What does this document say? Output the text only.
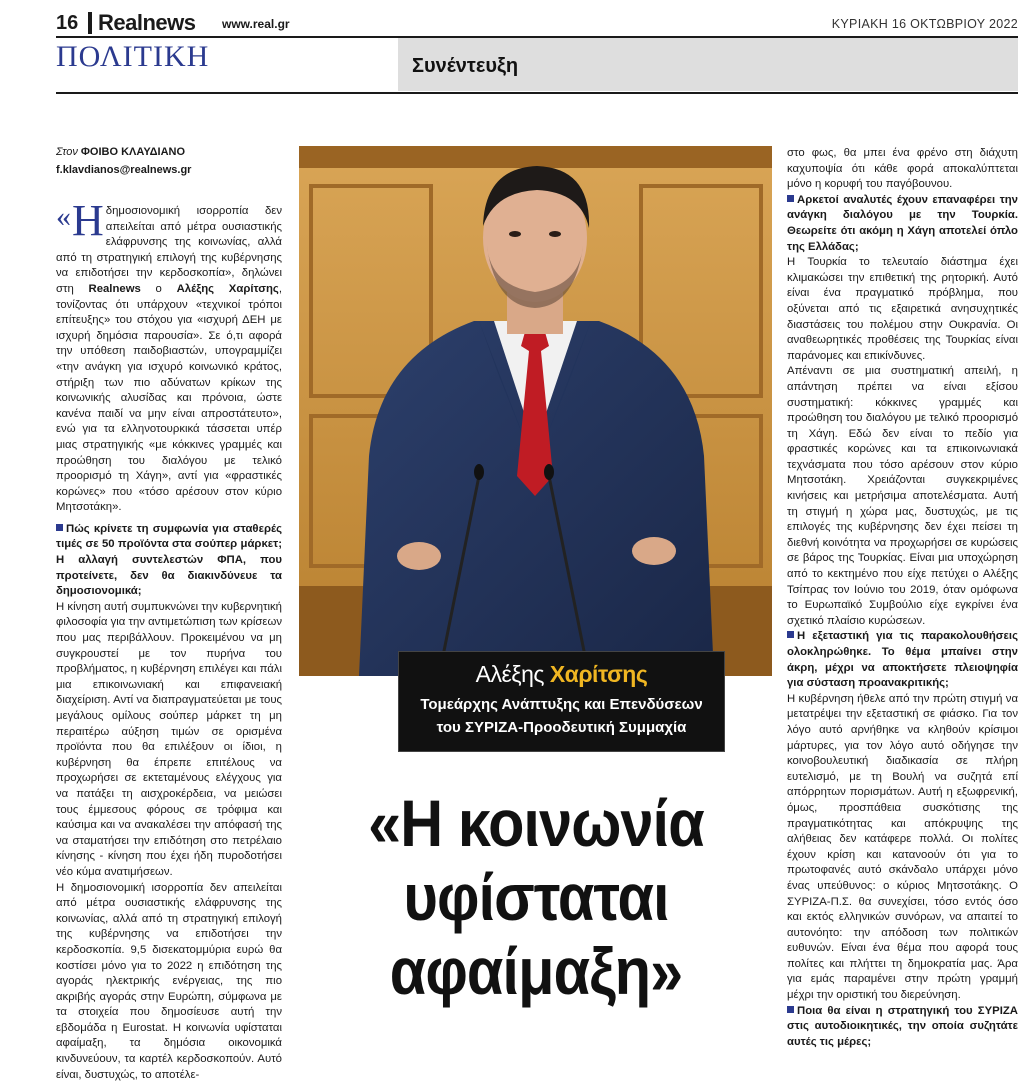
16 Realnews www.real.gr	ΚΥΡΙΑΚΗ 16 ΟΚΤΩΒΡΙΟΥ 2022
ΠΟΛΙΤΙΚΗ	Συνέντευξη
Στον ΦΟΙΒΟ ΚΛΑΥΔΙΑΝΟ
f.klavdianos@realnews.gr

« Η δημοσιονομική ισορροπία δεν απειλείται από μέτρα ουσιαστικής ελάφρυνσης της κοινωνίας, αλλά από τη στρατηγική επιλογή της κυβέρνησης να επιδοτήσει την κερδοσκοπία», δηλώνει στη Realnews ο Αλέξης Χαρίτσης, τονίζοντας ότι υπάρχουν «τεχνικοί τρόποι επίτευξης» του στόχου για «ισχυρή ΔΕΗ με ισχυρή δημόσια παρουσία». Σε ό,τι αφορά την υπόθεση παιδοβιαστών, υπογραμμίζει «την ανάγκη για ισχυρό κοινωνικό κράτος, στήριξη των πιο αδύνατων κρίκων της κοινωνικής αλυσίδας και πρόνοια, ώστε κανένα παιδί να μην είναι απροστάτευτο», ενώ για τα ελληνοτουρκικά τάσσεται υπέρ μιας στρατηγικής «με κόκκινες γραμμές και προώθηση του διαλόγου με τελικό προορισμό τη Χάγη», αντί για «φραστικές κορώνες» που «τόσο αρέσουν στον κύριο Μητσοτάκη».

Πώς κρίνετε τη συμφωνία για σταθερές τιμές σε 50 προϊόντα στα σούπερ μάρκετ; Η αλλαγή συντελεστών ΦΠΑ, που προτείνετε, δεν θα διακινδύνευε τα δημοσιονομικά;

Η κίνηση αυτή συμπυκνώνει την κυβερνητική φιλοσοφία για την αντιμετώπιση των κρίσεων που μας περιβάλλουν. Προκειμένου να μη συγκρουστεί με τον πυρήνα του προβλήματος, η κυβέρνηση επιλέγει και πάλι μια επικοινωνιακή και επιφανειακή διαχείριση. Αντί να διαπραγματεύεται με τους μεγάλους ομίλους σούπερ μάρκετ τη μη περαιτέρω αύξηση τιμών σε ορισμένα προϊόντα που θα επιλέξουν οι ίδιοι, η κυβέρνηση θα έπρεπε επιτέλους να προχωρήσει σε εκτεταμένους ελέγχους για να πατάξει τη αισχροκέρδεια, να μειώσει τους έμμεσους φόρους σε τρόφιμα και καύσιμα και να ανακαλέσει την απόφασή της να σταματήσει την επιδότηση στο πετρέλαιο κίνησης - κίνηση που έχει ήδη πυροδοτήσει νέο κύμα ανατιμήσεων.

Η δημοσιονομική ισορροπία δεν απειλείται από μέτρα ουσιαστικής ελάφρυνσης της κοινωνίας, αλλά από τη στρατηγική επιλογή της κυβέρνησης να επιδοτήσει την κερδοσκοπία. 9,5 δισεκατομμύρια ευρώ θα κοστίσει μόνο για το 2022 η επιδότηση της αγοράς ηλεκτρικής ενέργειας, της πιο ακριβής αγοράς στην Ευρώπη, σύμφωνα με τα στοιχεία που δημοσίευσε αυτή την εβδομάδα η Eurostat. Η κοινωνία υφίσταται αφαίμαξη, τα δημόσια οικονομικά κινδυνεύουν, τα καρτέλ κερδοσκοπούν. Αυτό είναι, δυστυχώς, το αποτέλε-

Αλέξης Χαρίτσης
Τομεάρχης Ανάπτυξης και Επενδύσεων
του ΣΥΡΙΖΑ-Προοδευτική Συμμαχία
«Η κοινωνία
υφίσταται
αφαίμαξη»

στο φως, θα μπει ένα φρένο στη διάχυτη καχυποψία ότι κάθε φορά αποκαλύπτεται μόνο η κορυφή του παγόβουνου.

Αρκετοί αναλυτές έχουν επαναφέρει την ανάγκη διαλόγου με την Τουρκία. Θεωρείτε ότι ακόμη η Χάγη αποτελεί όπλο της Ελλάδας;

Η Τουρκία το τελευταίο διάστημα έχει κλιμακώσει την επιθετική της ρητορική. Αυτό είναι ένα πραγματικό πρόβλημα, που οξύνεται από τις εξαιρετικά ανησυχητικές διαστάσεις του πολέμου στην Ουκρανία. Οι αναθεωρητικές προθέσεις της Τουρκίας είναι παράνομες και επικίνδυνες.

Απέναντι σε μια συστηματική απειλή, η απάντηση πρέπει να είναι εξίσου συστηματική: κόκκινες γραμμές και προώθηση του διαλόγου με τελικό προορισμό τη Χάγη. Εδώ δεν είναι το πεδίο για φραστικές κορώνες και τα επικοινωνιακά τεχνάσματα που τόσο αρέσουν στον κύριο Μητσοτάκη. Χρειάζονται συγκεκριμένες κινήσεις και μετρήσιμα αποτελέσματα. Αυτή τη στιγμή η χώρα μας, δυστυχώς, με τις επιλογές της κυβέρνησης δεν έχει πείσει τη διεθνή κοινότητα να προχωρήσει σε κυρώσεις σε βάρος της Τουρκίας. Είναι μια υποχώρηση από το κεκτημένο που είχε πετύχει ο Αλέξης Τσίπρας τον Ιούνιο του 2019, όταν ομόφωνα το Ευρωπαϊκό Συμβούλιο είχε εγκρίνει ένα σχετικό πλαίσιο κυρώσεων.

Η εξεταστική για τις παρακολουθήσεις ολοκληρώθηκε. Το θέμα μπαίνει στην άκρη, μέχρι να αποκτήσετε πλειοψηφία για σύσταση προανακριτικής;

Η κυβέρνηση ήθελε από την πρώτη στιγμή να μετατρέψει την εξεταστική σε φιάσκο. Για τον λόγο αυτό αρνήθηκε να κληθούν κρίσιμοι μάρτυρες, για τον λόγο αυτό οδήγησε την κοινοβουλευτική διαδικασία σε πλήρη ευτελισμό, με τη Βουλή να συζητά επί απόρρητων πορισμάτων. Αυτή η εξωφρενική, όμως, προσπάθεια συσκότισης της πραγματικότητας και απόκρυψης της αλήθειας δεν κατάφερε πολλά. Οι πολίτες έχουν κρίση και κατανοούν ότι για το πρωτοφανές αυτό σκάνδαλο υπάρχει μόνο ένας υπεύθυνος: ο κύριος Μητσοτάκης. Ο ΣΥΡΙΖΑ-Π.Σ. θα συνεχίσει, τόσο εντός όσο και εκτός ελληνικών συνόρων, να απαιτεί το αυτονόητο: την απόδοση των πολιτικών ευθυνών. Είναι ένα θέμα που αφορά τους πολίτες και πλήττει τη δημοκρατία μας. Άρα για εμάς παραμένει στην πρώτη γραμμή μέχρι την οριστική του διερεύνηση.

Ποια θα είναι η στρατηγική του ΣΥΡΙΖΑ στις αυτοδιοικητικές, την οποία συζητάτε αυτές τις μέρες;
